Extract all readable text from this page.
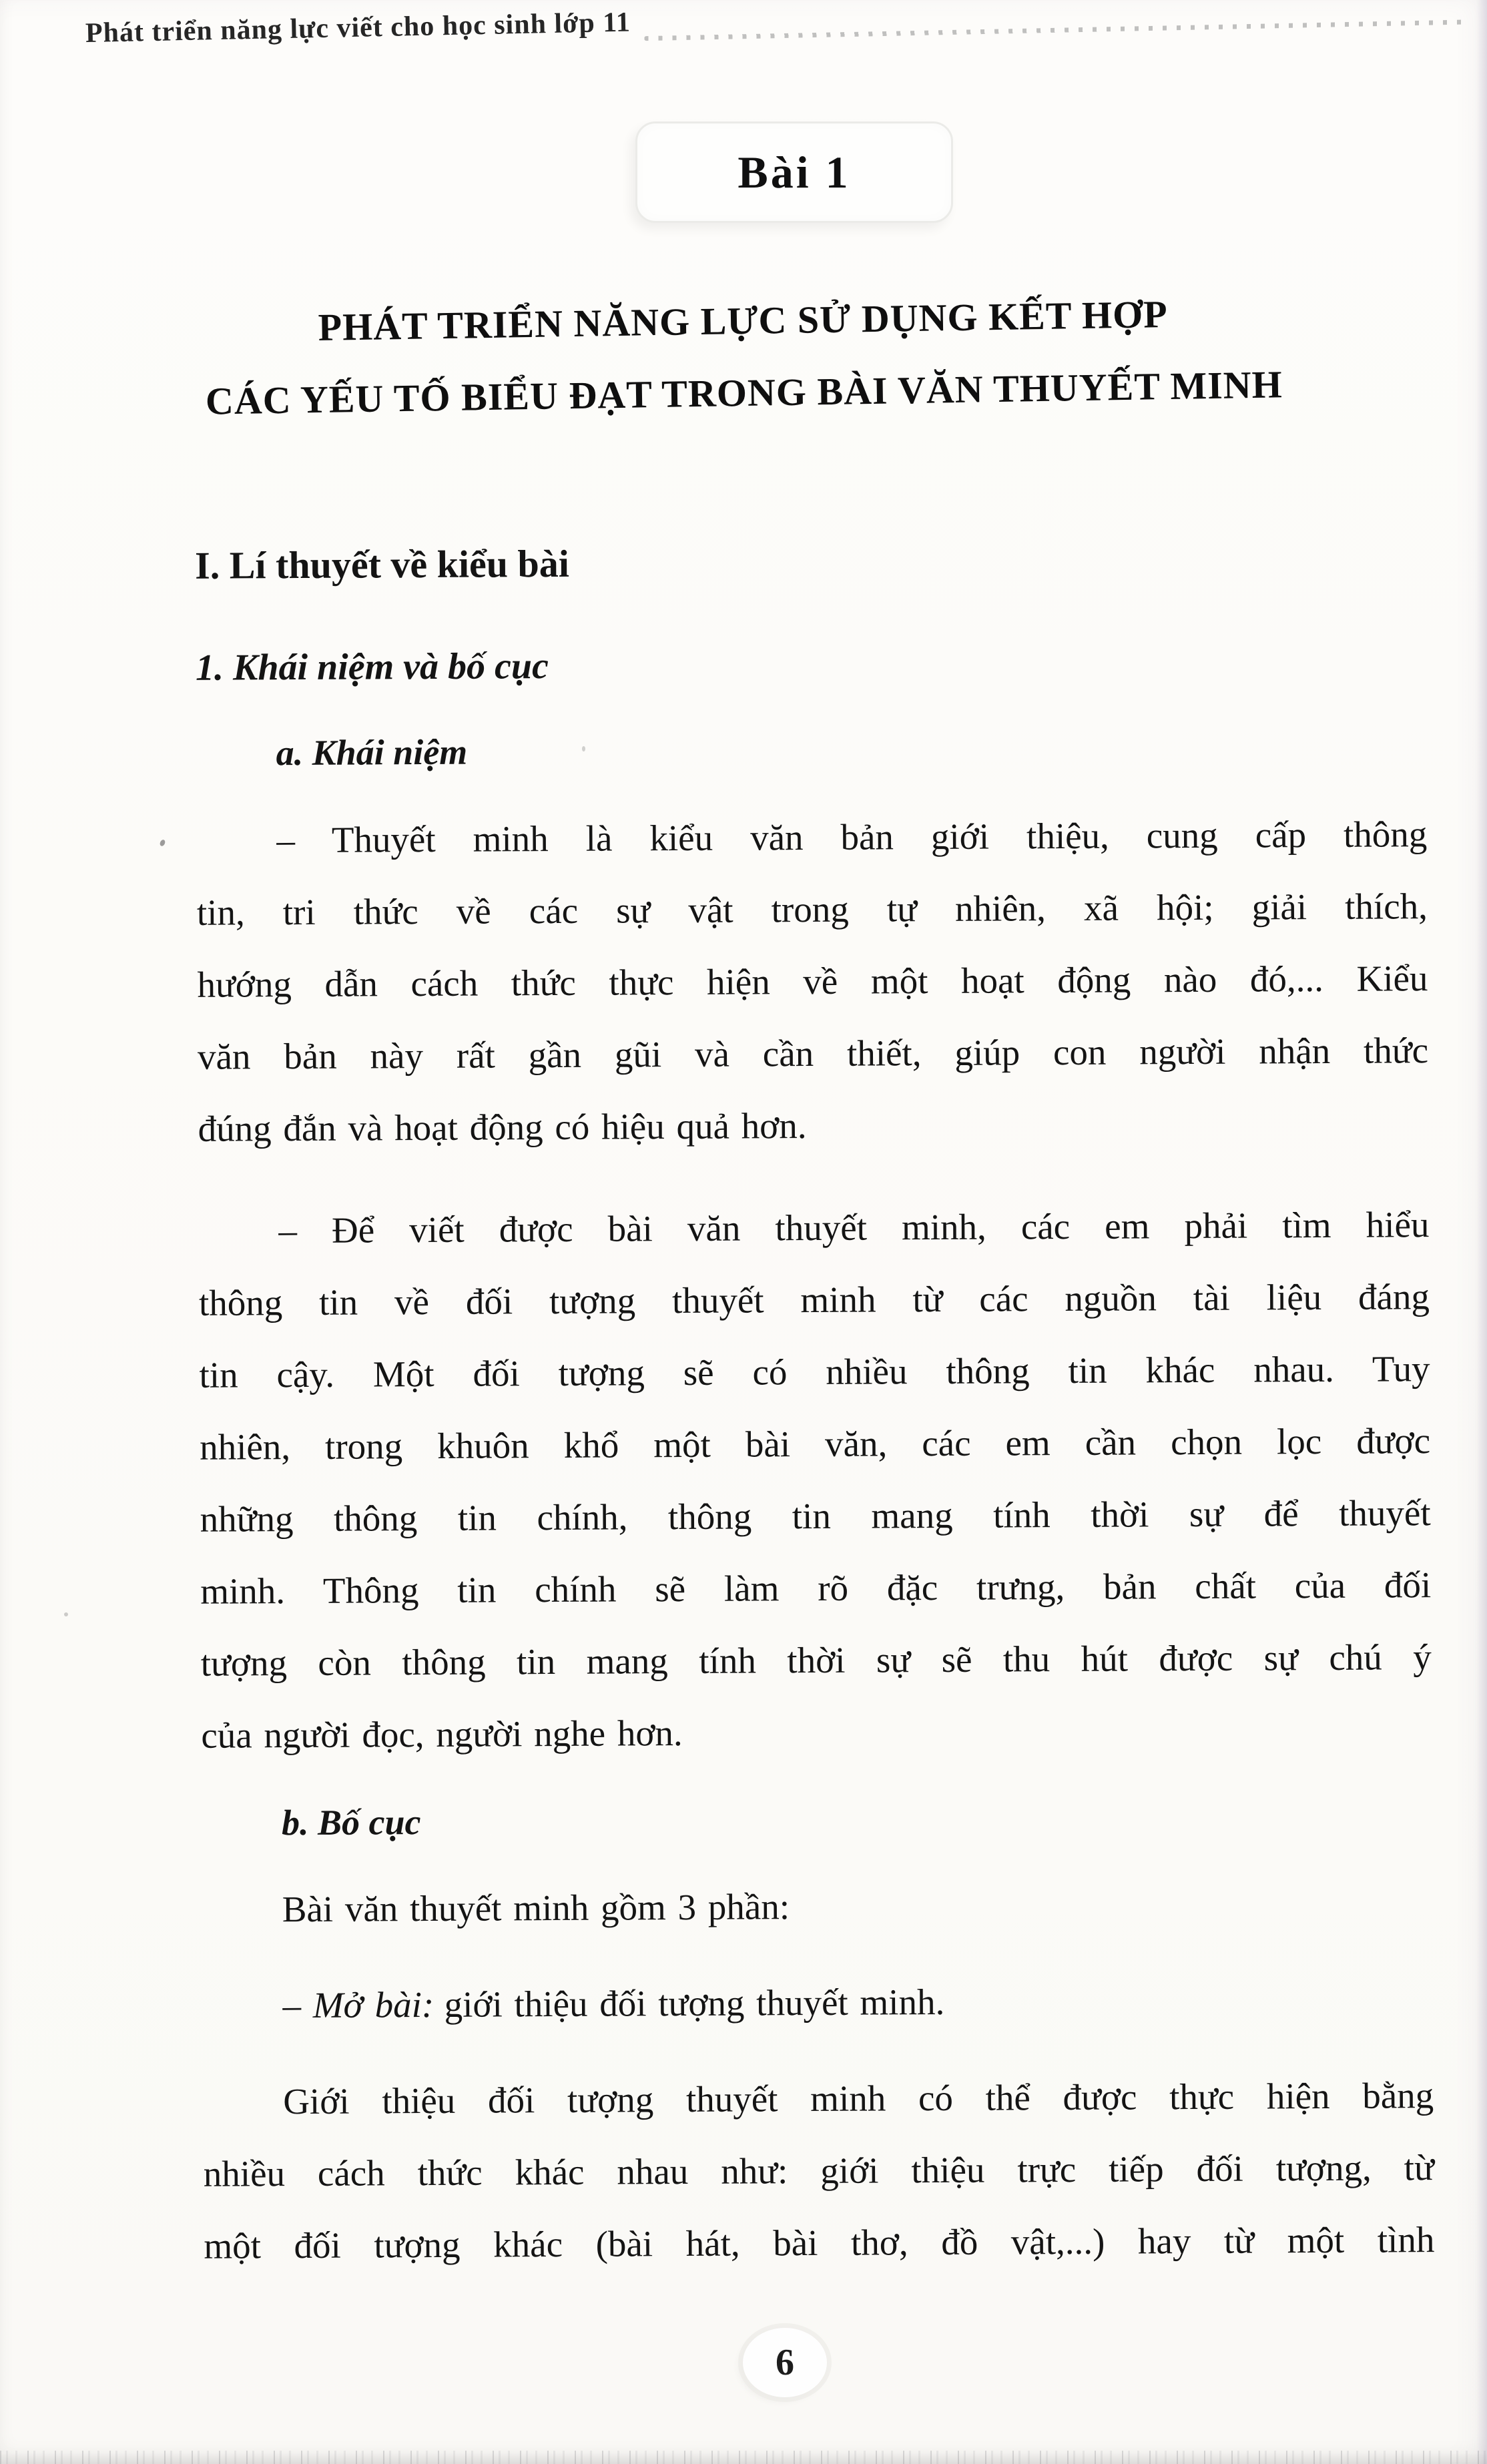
Phát triển năng lực viết cho học sinh lớp 11
Bài 1
PHÁT TRIỂN NĂNG LỰC SỬ DỤNG KẾT HỢP
CÁC YẾU TỐ BIỂU ĐẠT TRONG BÀI VĂN THUYẾT MINH
I. Lí thuyết về kiểu bài
1. Khái niệm và bố cục
a. Khái niệm

– Thuyết minh là kiểu văn bản giới thiệu, cung cấp thông
tin, tri thức về các sự vật trong tự nhiên, xã hội; giải thích,
hướng dẫn cách thức thực hiện về một hoạt động nào đó,... Kiểu
văn bản này rất gần gũi và cần thiết, giúp con người nhận thức
đúng đắn và hoạt động có hiệu quả hơn.

– Để viết được bài văn thuyết minh, các em phải tìm hiểu
thông tin về đối tượng thuyết minh từ các nguồn tài liệu đáng
tin cậy. Một đối tượng sẽ có nhiều thông tin khác nhau. Tuy
nhiên, trong khuôn khổ một bài văn, các em cần chọn lọc được
những thông tin chính, thông tin mang tính thời sự để thuyết
minh. Thông tin chính sẽ làm rõ đặc trưng, bản chất của đối
tượng còn thông tin mang tính thời sự sẽ thu hút được sự chú ý
của người đọc, người nghe hơn.

b. Bố cục

Bài văn thuyết minh gồm 3 phần:

– Mở bài: giới thiệu đối tượng thuyết minh.

Giới thiệu đối tượng thuyết minh có thể được thực hiện bằng
nhiều cách thức khác nhau như: giới thiệu trực tiếp đối tượng, từ
một đối tượng khác (bài hát, bài thơ, đồ vật,...) hay từ một tình

6
